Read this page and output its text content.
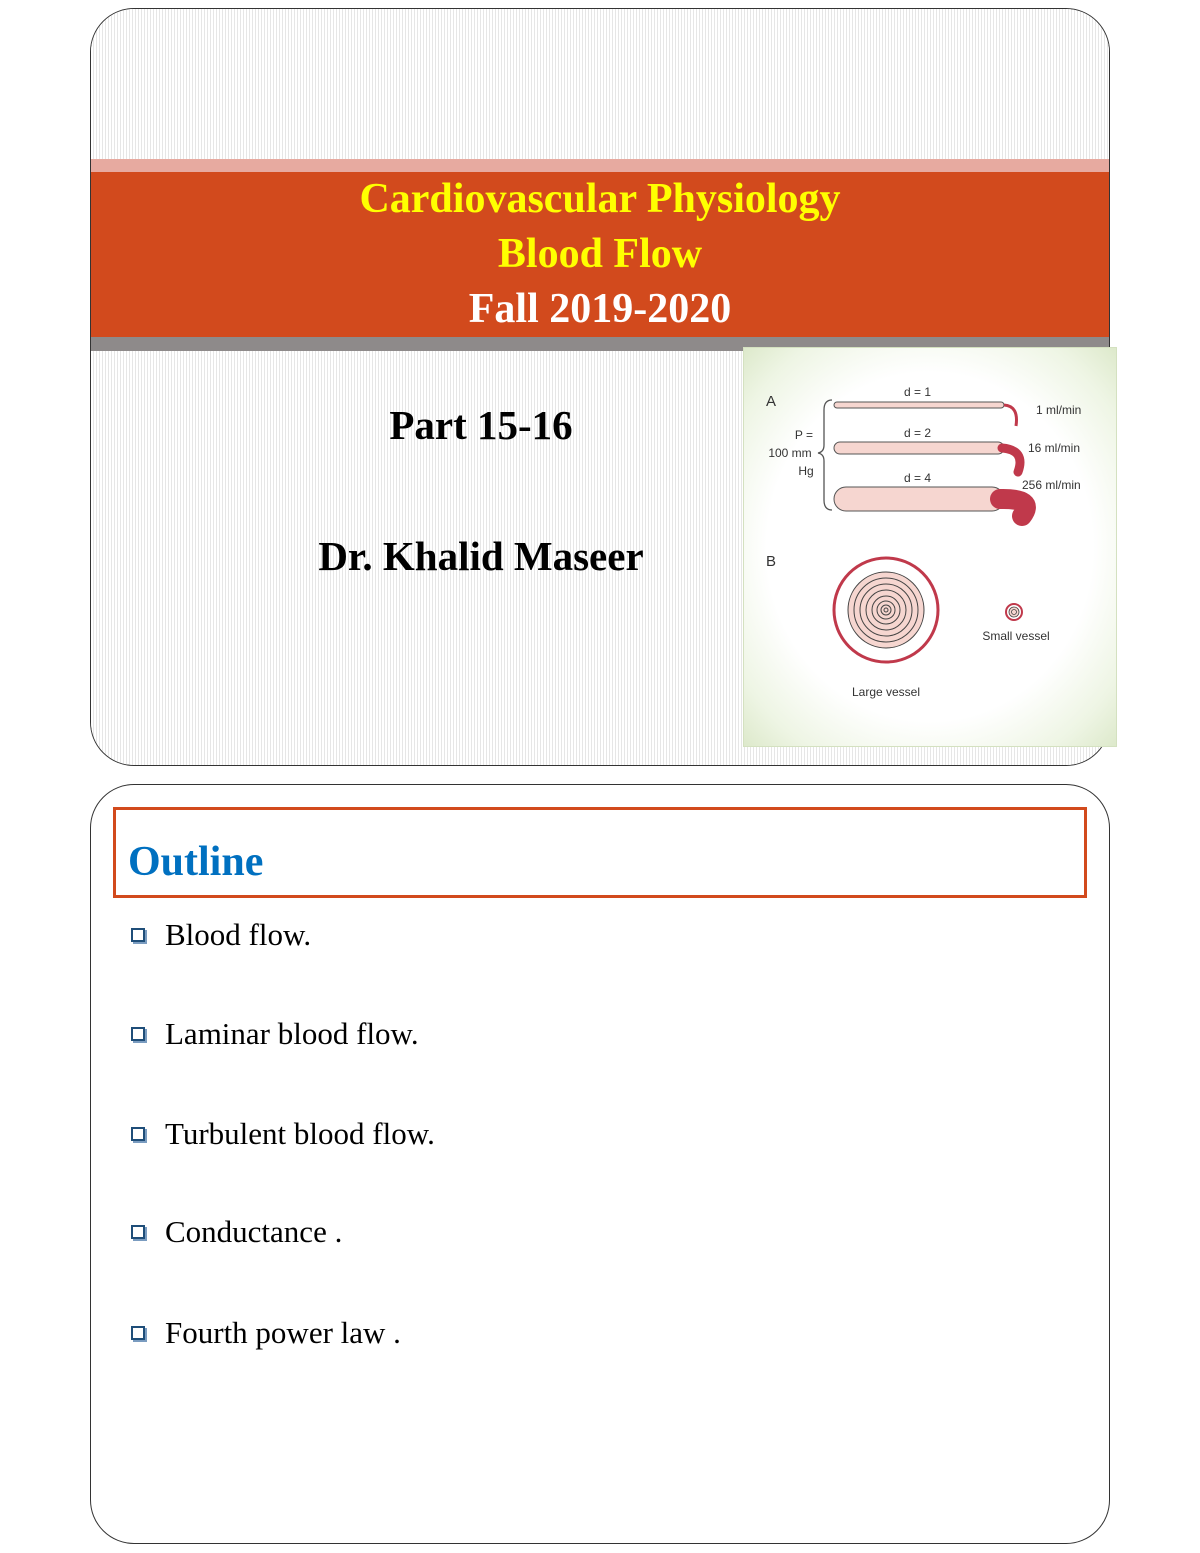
Cardiovascular Physiology

Blood Flow

Fall 2019-2020

Part 15-16
Dr. Khalid Maseer
A
P =
100 mm
Hg
d = 1
1 ml/min
d = 2
16 ml/min
d = 4	256 ml/min
B
Large vessel
Small vessel

Outline

Blood flow.
Laminar blood flow.
Turbulent blood flow.
Conductance .
Fourth power law .
